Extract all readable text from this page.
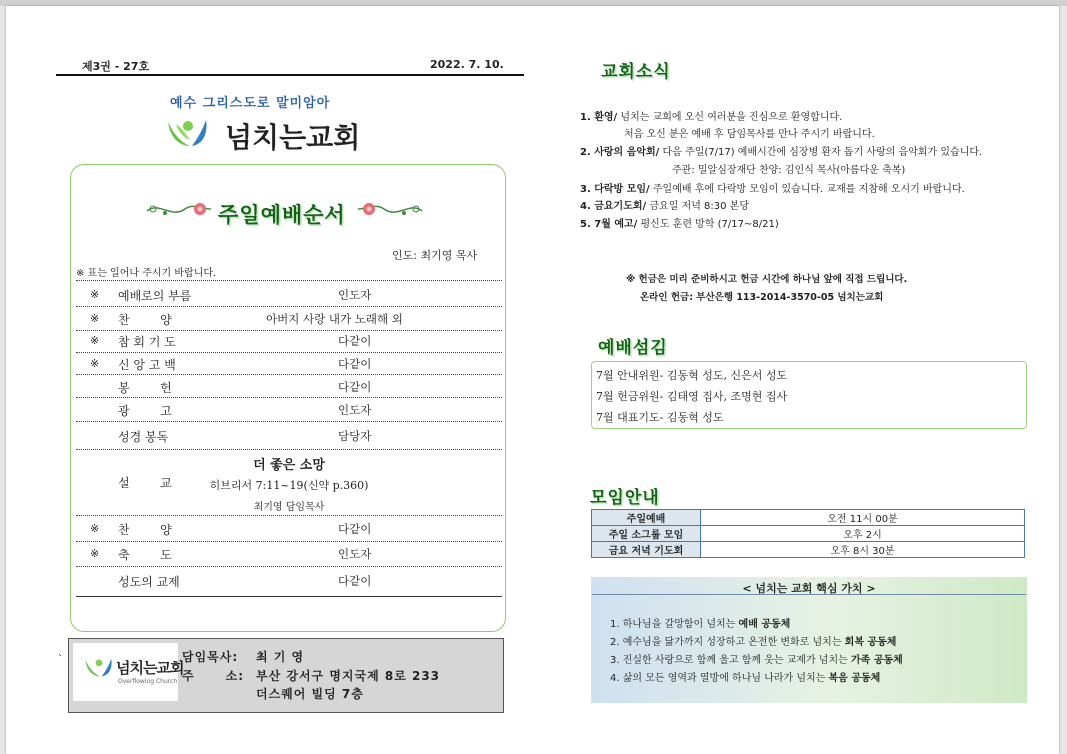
제3권 - 27호	2022. 7. 10.
예수 그리스도로 말미암아
넘치는교회
주일예배순서
인도: 최기영 목사
※ 표는 일어나 주시기 바랍니다.
※ 예배로의 부름	인도자
※ 찬        양	아버지 사랑 내가 노래해 외
※ 참 회 기 도	다같이
※ 신 앙 고 백	다같이
봉        헌	다같이
광        고	인도자
성경 봉독	담당자
설        교
더 좋은 소망
히브리서 7:11~19(신약 p.360)
최기영 담임목사
※ 찬        양	다같이
※ 축        도	인도자
성도의 교제	다같이
`	넘치는교회
Overflowing Church
담임목사: 최 기 영
주      소: 부산 강서구 명지국제 8로 233
더스퀘어 빌딩 7층
교회소식
1. 환영/ 넘치는 교회에 오신 여러분을 진심으로 환영합니다.
처음 오신 분은 예배 후 담임목사를 만나 주시기 바랍니다.
2. 사랑의 음악회/ 다음 주일(7/17) 예배시간에 심장병 환자 돕기 사랑의 음악회가 있습니다.
주관: 밀알심장재단 찬양: 김인식 목사(아름다운 축복)
3. 다락방 모임/ 주일예배 후에 다락방 모임이 있습니다. 교재를 지참해 오시기 바랍니다.
4. 금요기도회/ 금요일 저녁 8:30 본당
5. 7월 예고/ 평신도 훈련 방학 (7/17~8/21)
※ 헌금은 미리 준비하시고 헌금 시간에 하나님 앞에 직접 드립니다.
온라인 헌금: 부산은행 113-2014-3570-05 넘치는교회
예배섬김
7월 안내위원- 김동혁 성도, 신은서 성도
7월 헌금위원- 김태영 집사, 조명현 집사
7월 대표기도- 김동혁 성도
모임안내
주일예배	오전 11시 00분
주일 소그룹 모임	오후 2시
금요 저녁 기도회	오후 8시 30분
< 넘치는 교회 핵심 가치 >
1. 하나님을 갈망함이 넘치는 예배 공동체
2. 예수님을 닮가까지 성장하고 온전한 변화로 넘치는 회복 공동체
3. 진실한 사랑으로 함께 울고 함께 웃는 교제가 넘치는 가족 공동체
4. 삶의 모든 영역과 열방에 하나님 나라가 넘치는 복음 공동체
